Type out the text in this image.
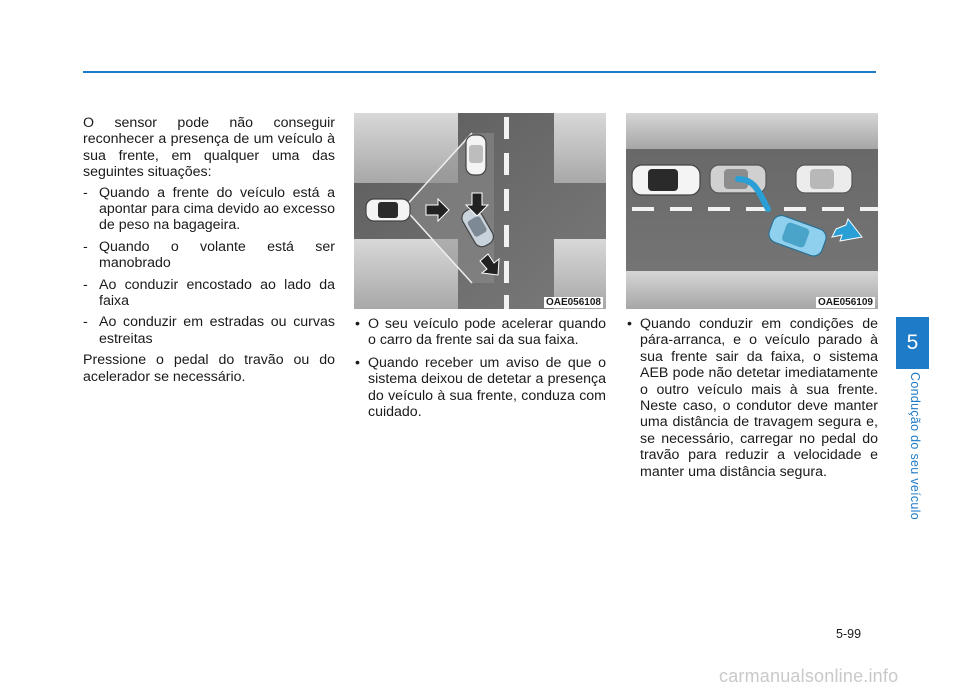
O sensor pode não conseguir reconhecer a presença de um veículo à sua frente, em qualquer uma das seguintes situações:

- Quando a frente do veículo está a apontar para cima devido ao excesso de peso na bagageira.
- Quando o volante está ser manobrado
- Ao conduzir encostado ao lado da faixa
- Ao conduzir em estradas ou curvas estreitas

Pressione o pedal do travão ou do acelerador se necessário.

OAE056108	OAE056109
• O seu veículo pode acelerar quando o carro da frente sai da sua faixa.
• Quando receber um aviso de que o sistema deixou de detetar a presença do veículo à sua frente, conduza com cuidado.
• Quando conduzir em condições de pára-arranca, e o veículo parado à sua frente sair da faixa, o sistema AEB pode não detetar imediatamente o outro veículo mais à sua frente. Neste caso, o condutor deve manter uma distância de travagem segura e, se necessário, carregar no pedal do travão para reduzir a velocidade e manter uma distância segura.
5
Condução do seu veículo
5-99
carmanualsonline.info
